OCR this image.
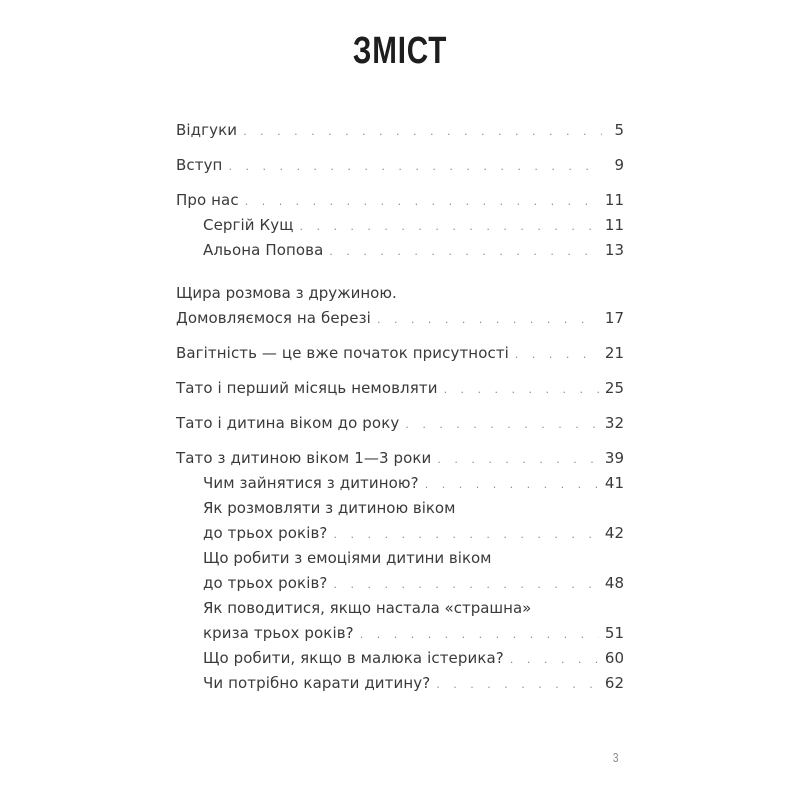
ЗМІСТ
Відгуки . . .	5
Вступ . . .	9
Про нас . . .	11
Сергій Кущ . . .	11
Альона Попова . . .	13
Щира розмова з дружиною.
Домовляємося на березі . . .	17
Вагітність — це вже початок присутності . . .	21
Тато і перший місяць немовляти . . .	25
Тато і дитина віком до року . . .	32
Тато з дитиною віком 1—3 роки . . .	39
Чим зайнятися з дитиною? . . .	41
Як розмовляти з дитиною віком
до трьох років? . . .	42
Що робити з емоціями дитини віком
до трьох років? . . .	48
Як поводитися, якщо настала «страшна»
криза трьох років? . . .	51
Що робити, якщо в малюка істерика? . . .	60
Чи потрібно карати дитину? . . .	62
3
